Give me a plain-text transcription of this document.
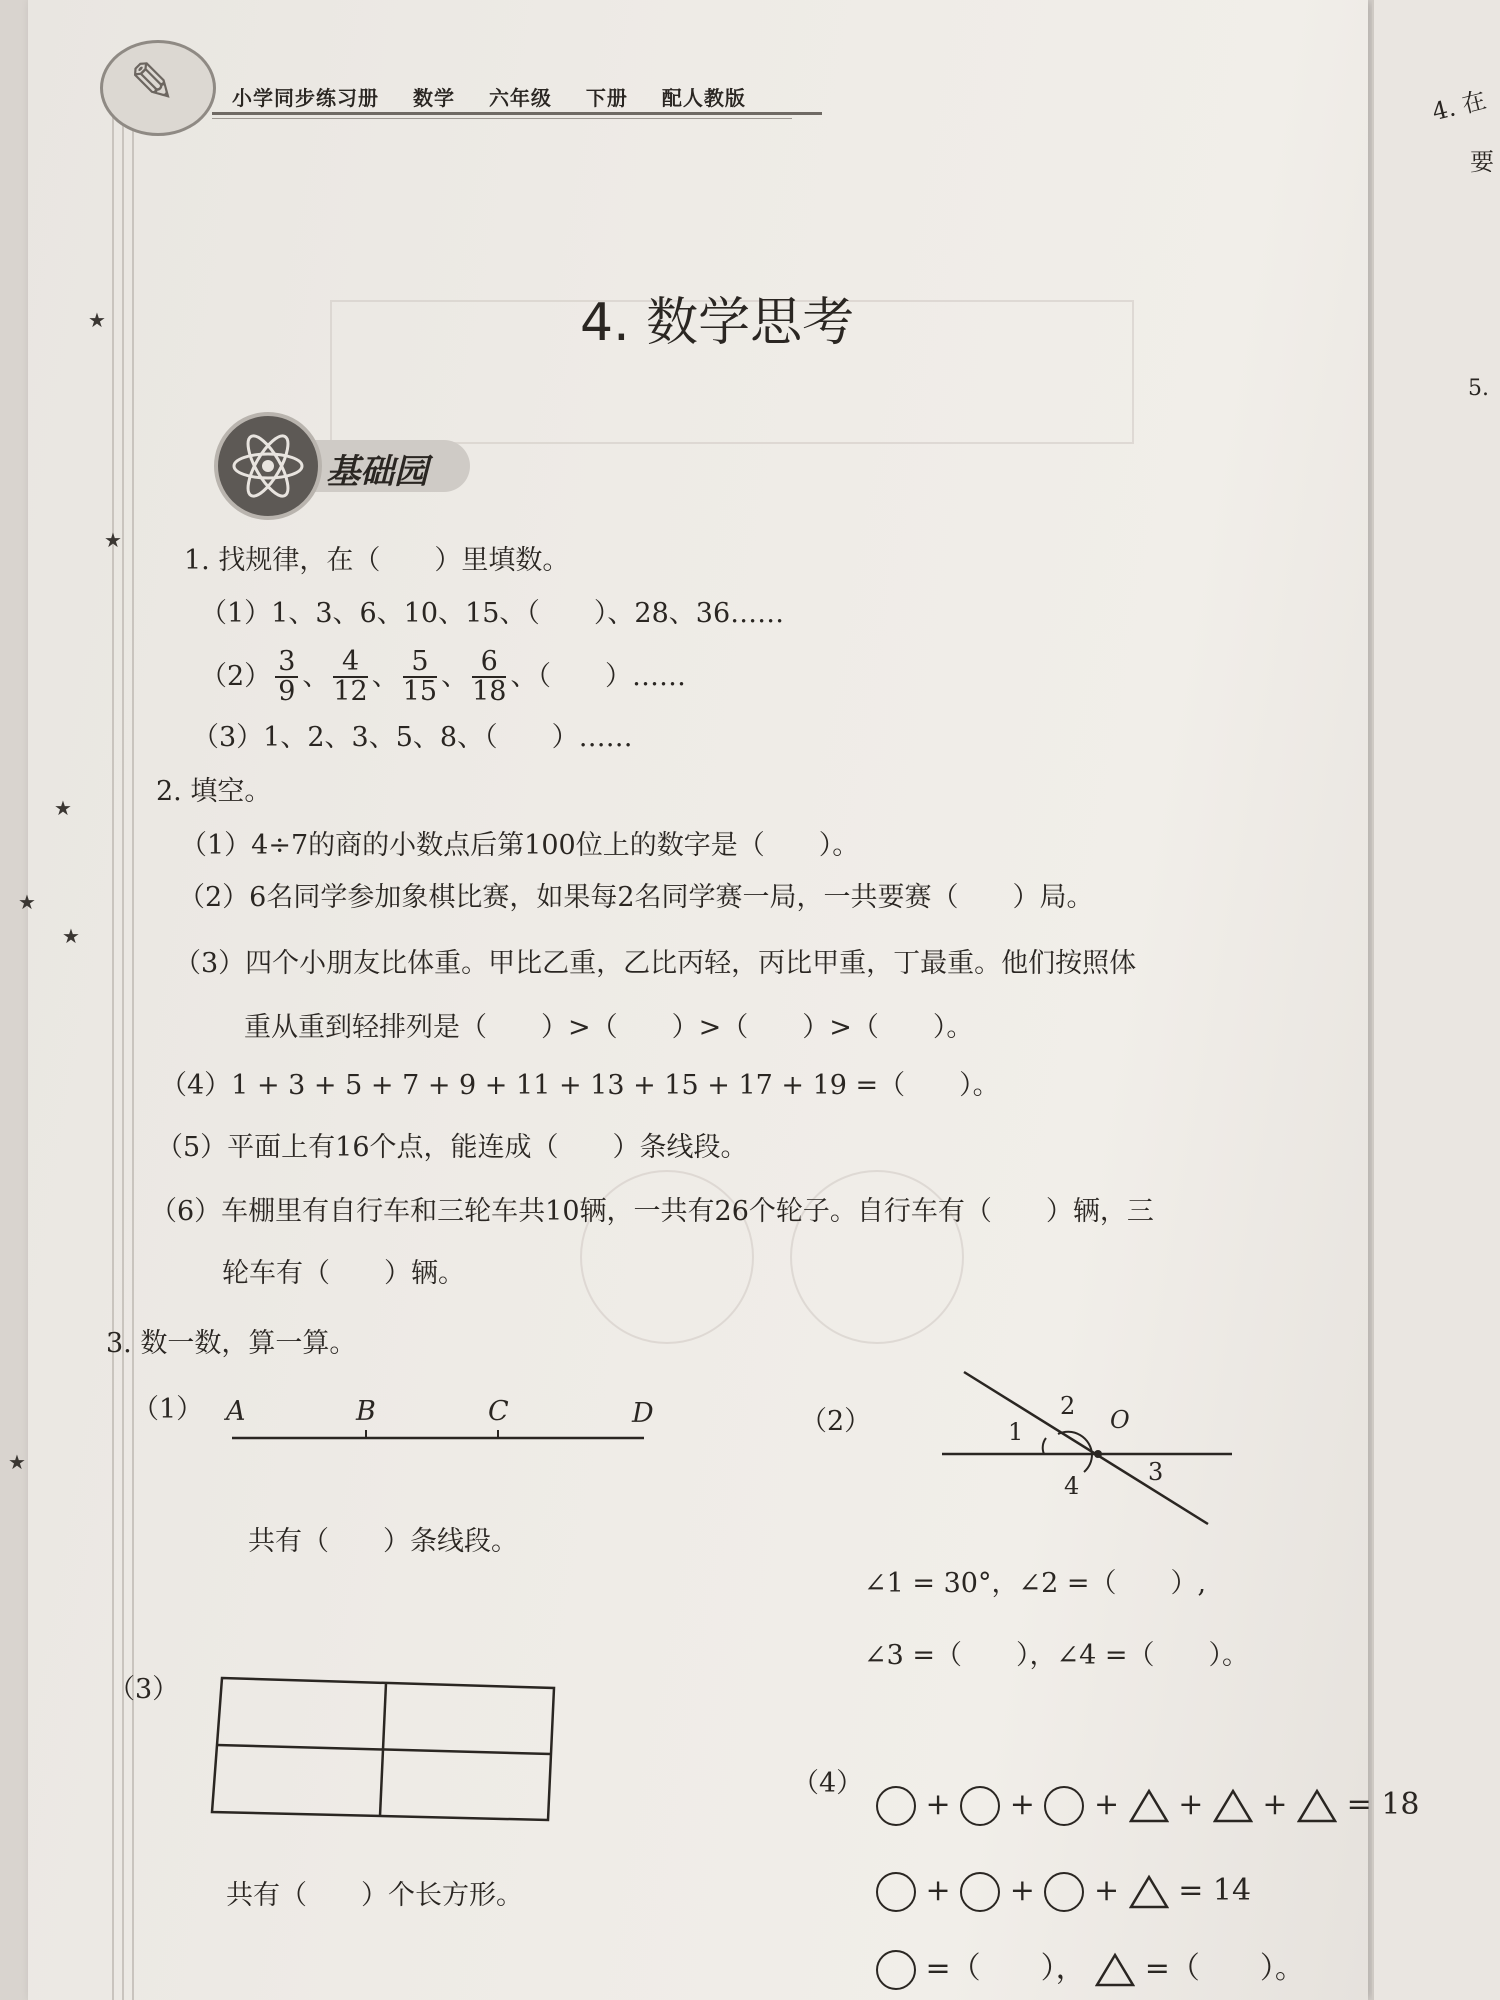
4. 在
要
5.
★
★
★
★
★
★
✎	小学同步练习册 数学 六年级 下册 配人教版
4. 数学思考
基础园
1. 找规律，在（　　）里填数。
（1）1、3、6、10、15、（　　）、28、36……
$(2) \frac{3}{9}$ 、 $\frac{4}{12}$ 、 $\frac{5}{15}$ 、 $\frac{6}{18}$ 、（　　）……
（3）1、2、3、5、8、（　　）……
2. 填空。
（1）4÷7的商的小数点后第100位上的数字是（　　）。
（2）6名同学参加象棋比赛，如果每2名同学赛一局，一共要赛（　　）局。
（3）四个小朋友比体重。甲比乙重，乙比丙轻，丙比甲重，丁最重。他们按照体
重从重到轻排列是（　　）>（　　）>（　　）>（　　）。
（4）1 + 3 + 5 + 7 + 9 + 11 + 13 + 15 + 17 + 19 =（　　）。
（5）平面上有16个点，能连成（　　）条线段。
（6）车棚里有自行车和三轮车共10辆，一共有26个轮子。自行车有（　　）辆，三
轮车有（　　）辆。
3. 数一数，算一算。
（1） A	B	C	D
共有（　　）条线段。
（2）	1
2 O
3
4
∠1 = 30°，∠2 =（　　）,
∠3 =（　　），∠4 =（　　）。
（3）
共有（　　）个长方形。
（4）
+  +  +  +  +  = 18
+  +  +  = 14
=（　　）， =（　　）。
